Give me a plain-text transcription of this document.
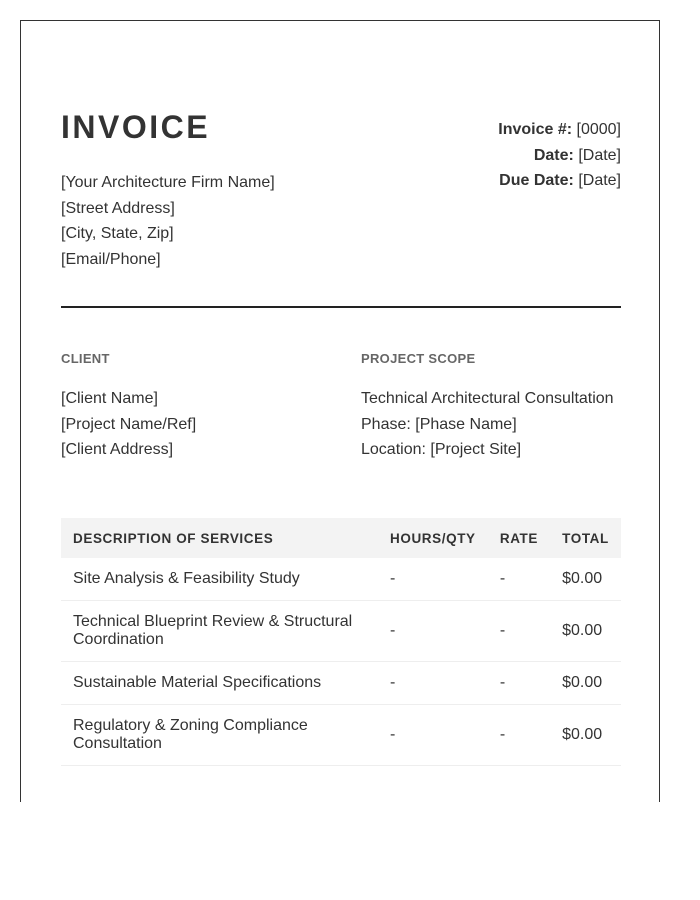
INVOICE
[Your Architecture Firm Name]
[Street Address]
[City, State, Zip]
[Email/Phone]
Invoice #: [0000]
Date: [Date]
Due Date: [Date]
CLIENT	PROJECT SCOPE
[Client Name]
[Project Name/Ref]
[Client Address]
Technical Architectural Consultation
Phase: [Phase Name]
Location: [Project Site]
DESCRIPTION OF SERVICES	HOURS/QTY	RATE	TOTAL
Site Analysis & Feasibility Study	-	-	$0.00
Technical Blueprint Review & Structural Coordination	-	-	$0.00
Sustainable Material Specifications	-	-	$0.00
Regulatory & Zoning Compliance Consultation	-	-	$0.00
